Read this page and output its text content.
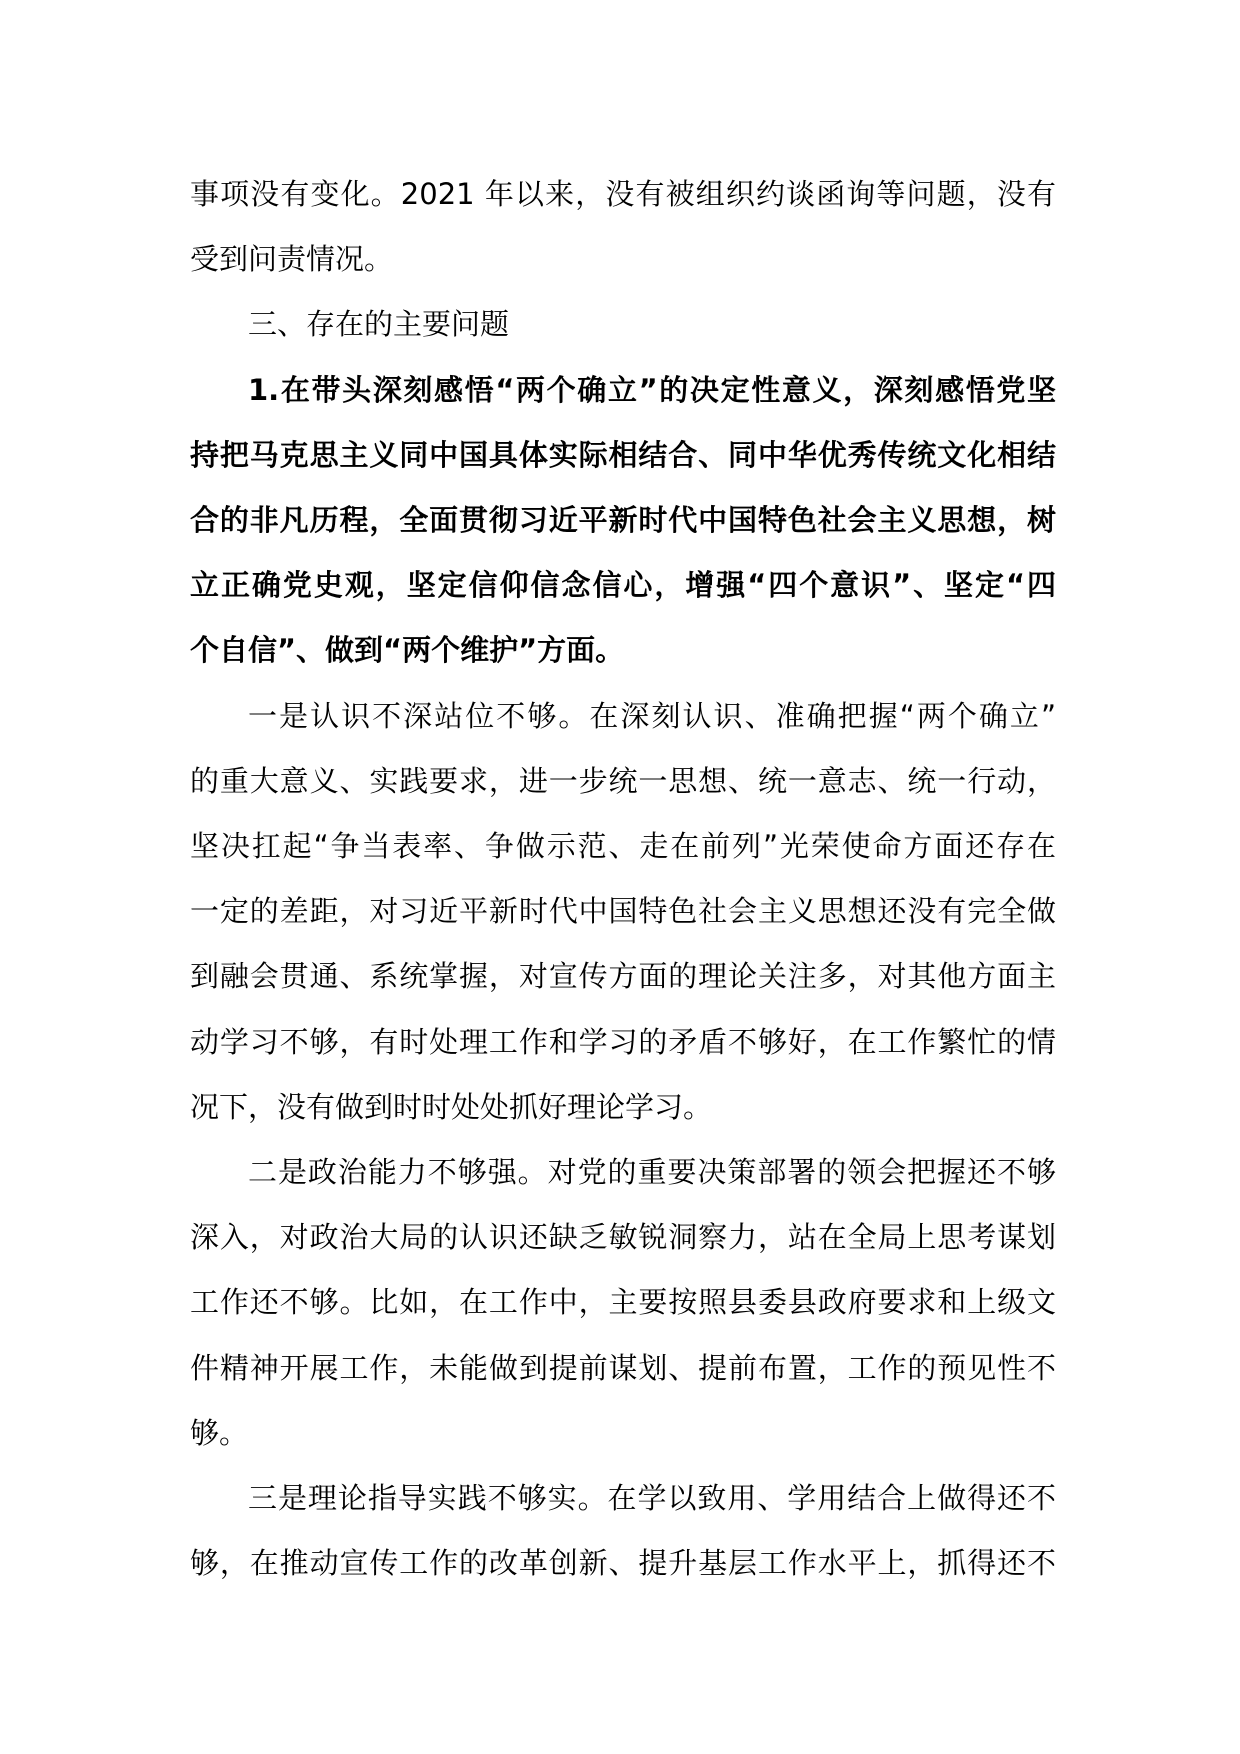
事项没有变化。2021 年以来，没有被组织约谈函询等问题，没有
受到问责情况。
三、存在的主要问题
1.在带头深刻感悟“两个确立”的决定性意义，深刻感悟党坚
持把马克思主义同中国具体实际相结合、同中华优秀传统文化相结
合的非凡历程，全面贯彻习近平新时代中国特色社会主义思想，树
立正确党史观，坚定信仰信念信心，增强“四个意识”、坚定“四
个自信”、做到“两个维护”方面。
一是认识不深站位不够。在深刻认识、准确把握“两个确立”
的重大意义、实践要求，进一步统一思想、统一意志、统一行动，
坚决扛起“争当表率、争做示范、走在前列”光荣使命方面还存在
一定的差距，对习近平新时代中国特色社会主义思想还没有完全做
到融会贯通、系统掌握，对宣传方面的理论关注多，对其他方面主
动学习不够，有时处理工作和学习的矛盾不够好，在工作繁忙的情
况下，没有做到时时处处抓好理论学习。
二是政治能力不够强。对党的重要决策部署的领会把握还不够
深入，对政治大局的认识还缺乏敏锐洞察力，站在全局上思考谋划
工作还不够。比如，在工作中，主要按照县委县政府要求和上级文
件精神开展工作，未能做到提前谋划、提前布置，工作的预见性不
够。
三是理论指导实践不够实。在学以致用、学用结合上做得还不
够，在推动宣传工作的改革创新、提升基层工作水平上，抓得还不
